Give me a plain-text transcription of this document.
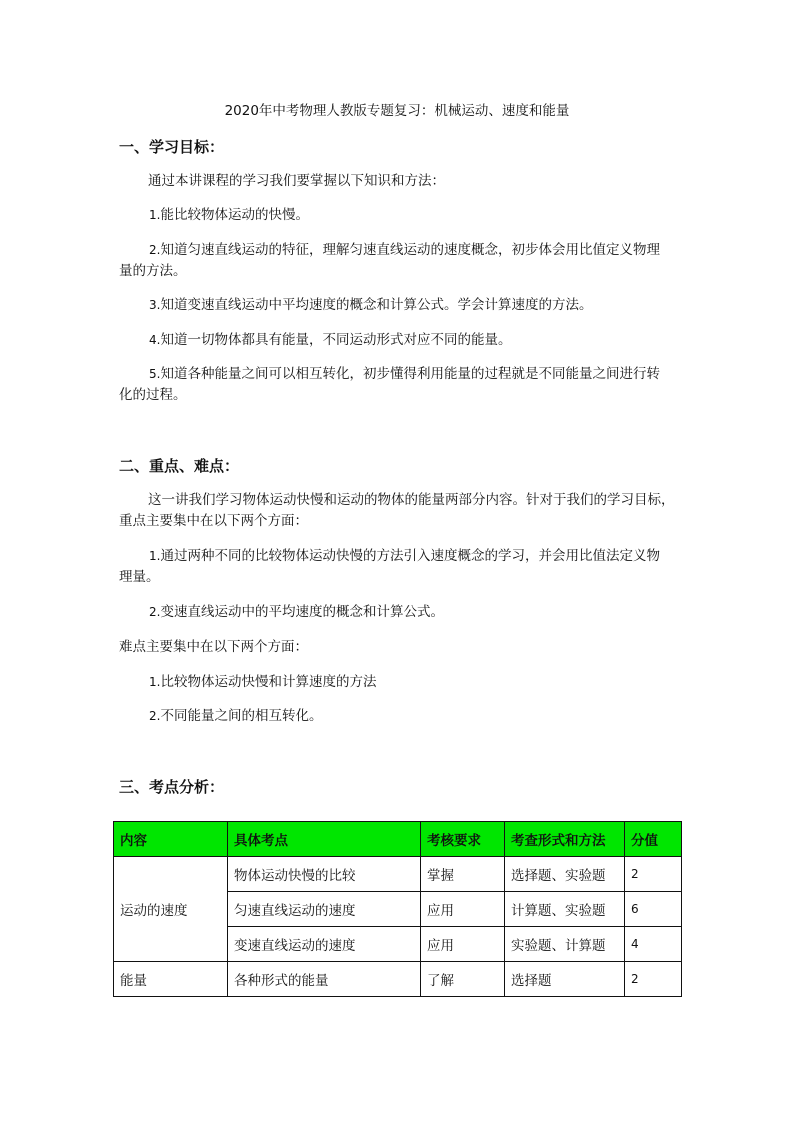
2020年中考物理人教版专题复习：机械运动、速度和能量
一、学习目标：
通过本讲课程的学习我们要掌握以下知识和方法：
1.能比较物体运动的快慢。
2.知道匀速直线运动的特征，理解匀速直线运动的速度概念，初步体会用比值定义物理
量的方法。
3.知道变速直线运动中平均速度的概念和计算公式。学会计算速度的方法。
4.知道一切物体都具有能量，不同运动形式对应不同的能量。
5.知道各种能量之间可以相互转化，初步懂得利用能量的过程就是不同能量之间进行转
化的过程。
二、重点、难点：
这一讲我们学习物体运动快慢和运动的物体的能量两部分内容。针对于我们的学习目标，
重点主要集中在以下两个方面：
1.通过两种不同的比较物体运动快慢的方法引入速度概念的学习，并会用比值法定义物
理量。
2.变速直线运动中的平均速度的概念和计算公式。
难点主要集中在以下两个方面：
1.比较物体运动快慢和计算速度的方法
2.不同能量之间的相互转化。
三、考点分析：
内容	具体考点	考核要求	考查形式和方法	分值
运动的速度	物体运动快慢的比较	掌握	选择题、实验题	2
	匀速直线运动的速度	应用	计算题、实验题	6
	变速直线运动的速度	应用	实验题、计算题	4
能量	各种形式的能量	了解	选择题	2
